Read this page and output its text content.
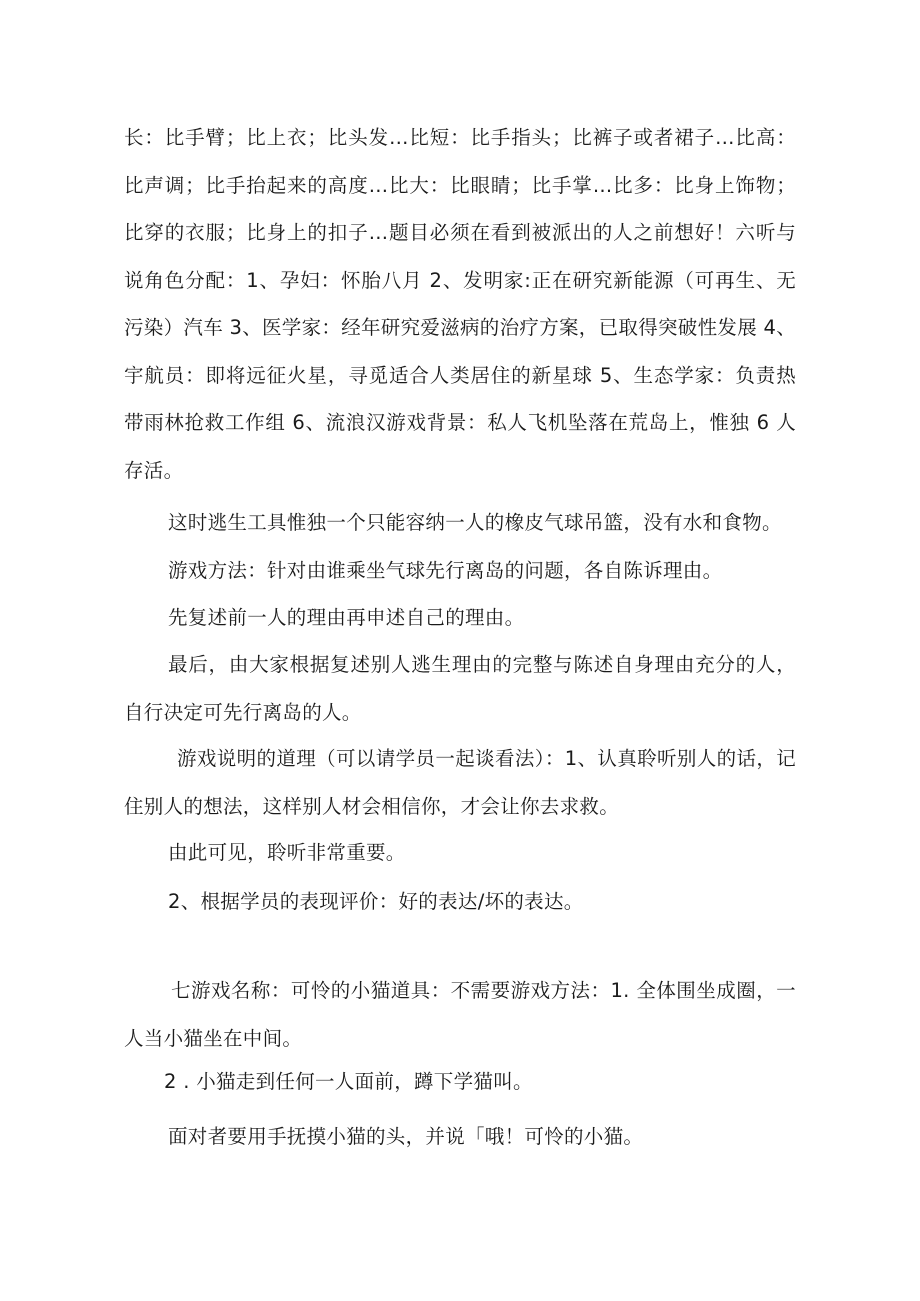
长：比手臂；比上衣；比头发…比短：比手指头；比裤子或者裙子…比高：比声调；比手抬起来的高度…比大：比眼睛；比手掌…比多：比身上饰物；比穿的衣服；比身上的扣子…题目必须在看到被派出的人之前想好！六听与说角色分配：1、孕妇：怀胎八月 2、发明家:正在研究新能源（可再生、无污染）汽车 3、医学家：经年研究爱滋病的治疗方案，已取得突破性发展 4、宇航员：即将远征火星，寻觅适合人类居住的新星球 5、生态学家：负责热带雨林抢救工作组 6、流浪汉游戏背景：私人飞机坠落在荒岛上，惟独 6 人存活。

这时逃生工具惟独一个只能容纳一人的橡皮气球吊篮，没有水和食物。

游戏方法：针对由谁乘坐气球先行离岛的问题，各自陈诉理由。

先复述前一人的理由再申述自己的理由。

最后，由大家根据复述别人逃生理由的完整与陈述自身理由充分的人，自行决定可先行离岛的人。

游戏说明的道理（可以请学员一起谈看法）：1、认真聆听别人的话，记住别人的想法，这样别人材会相信你，才会让你去求救。

由此可见，聆听非常重要。

2、根据学员的表现评价：好的表达/坏的表达。

七游戏名称：可怜的小猫道具：不需要游戏方法：1. 全体围坐成圈，一人当小猫坐在中间。

2 . 小猫走到任何一人面前，蹲下学猫叫。

面对者要用手抚摸小猫的头，并说「哦！可怜的小猫。
